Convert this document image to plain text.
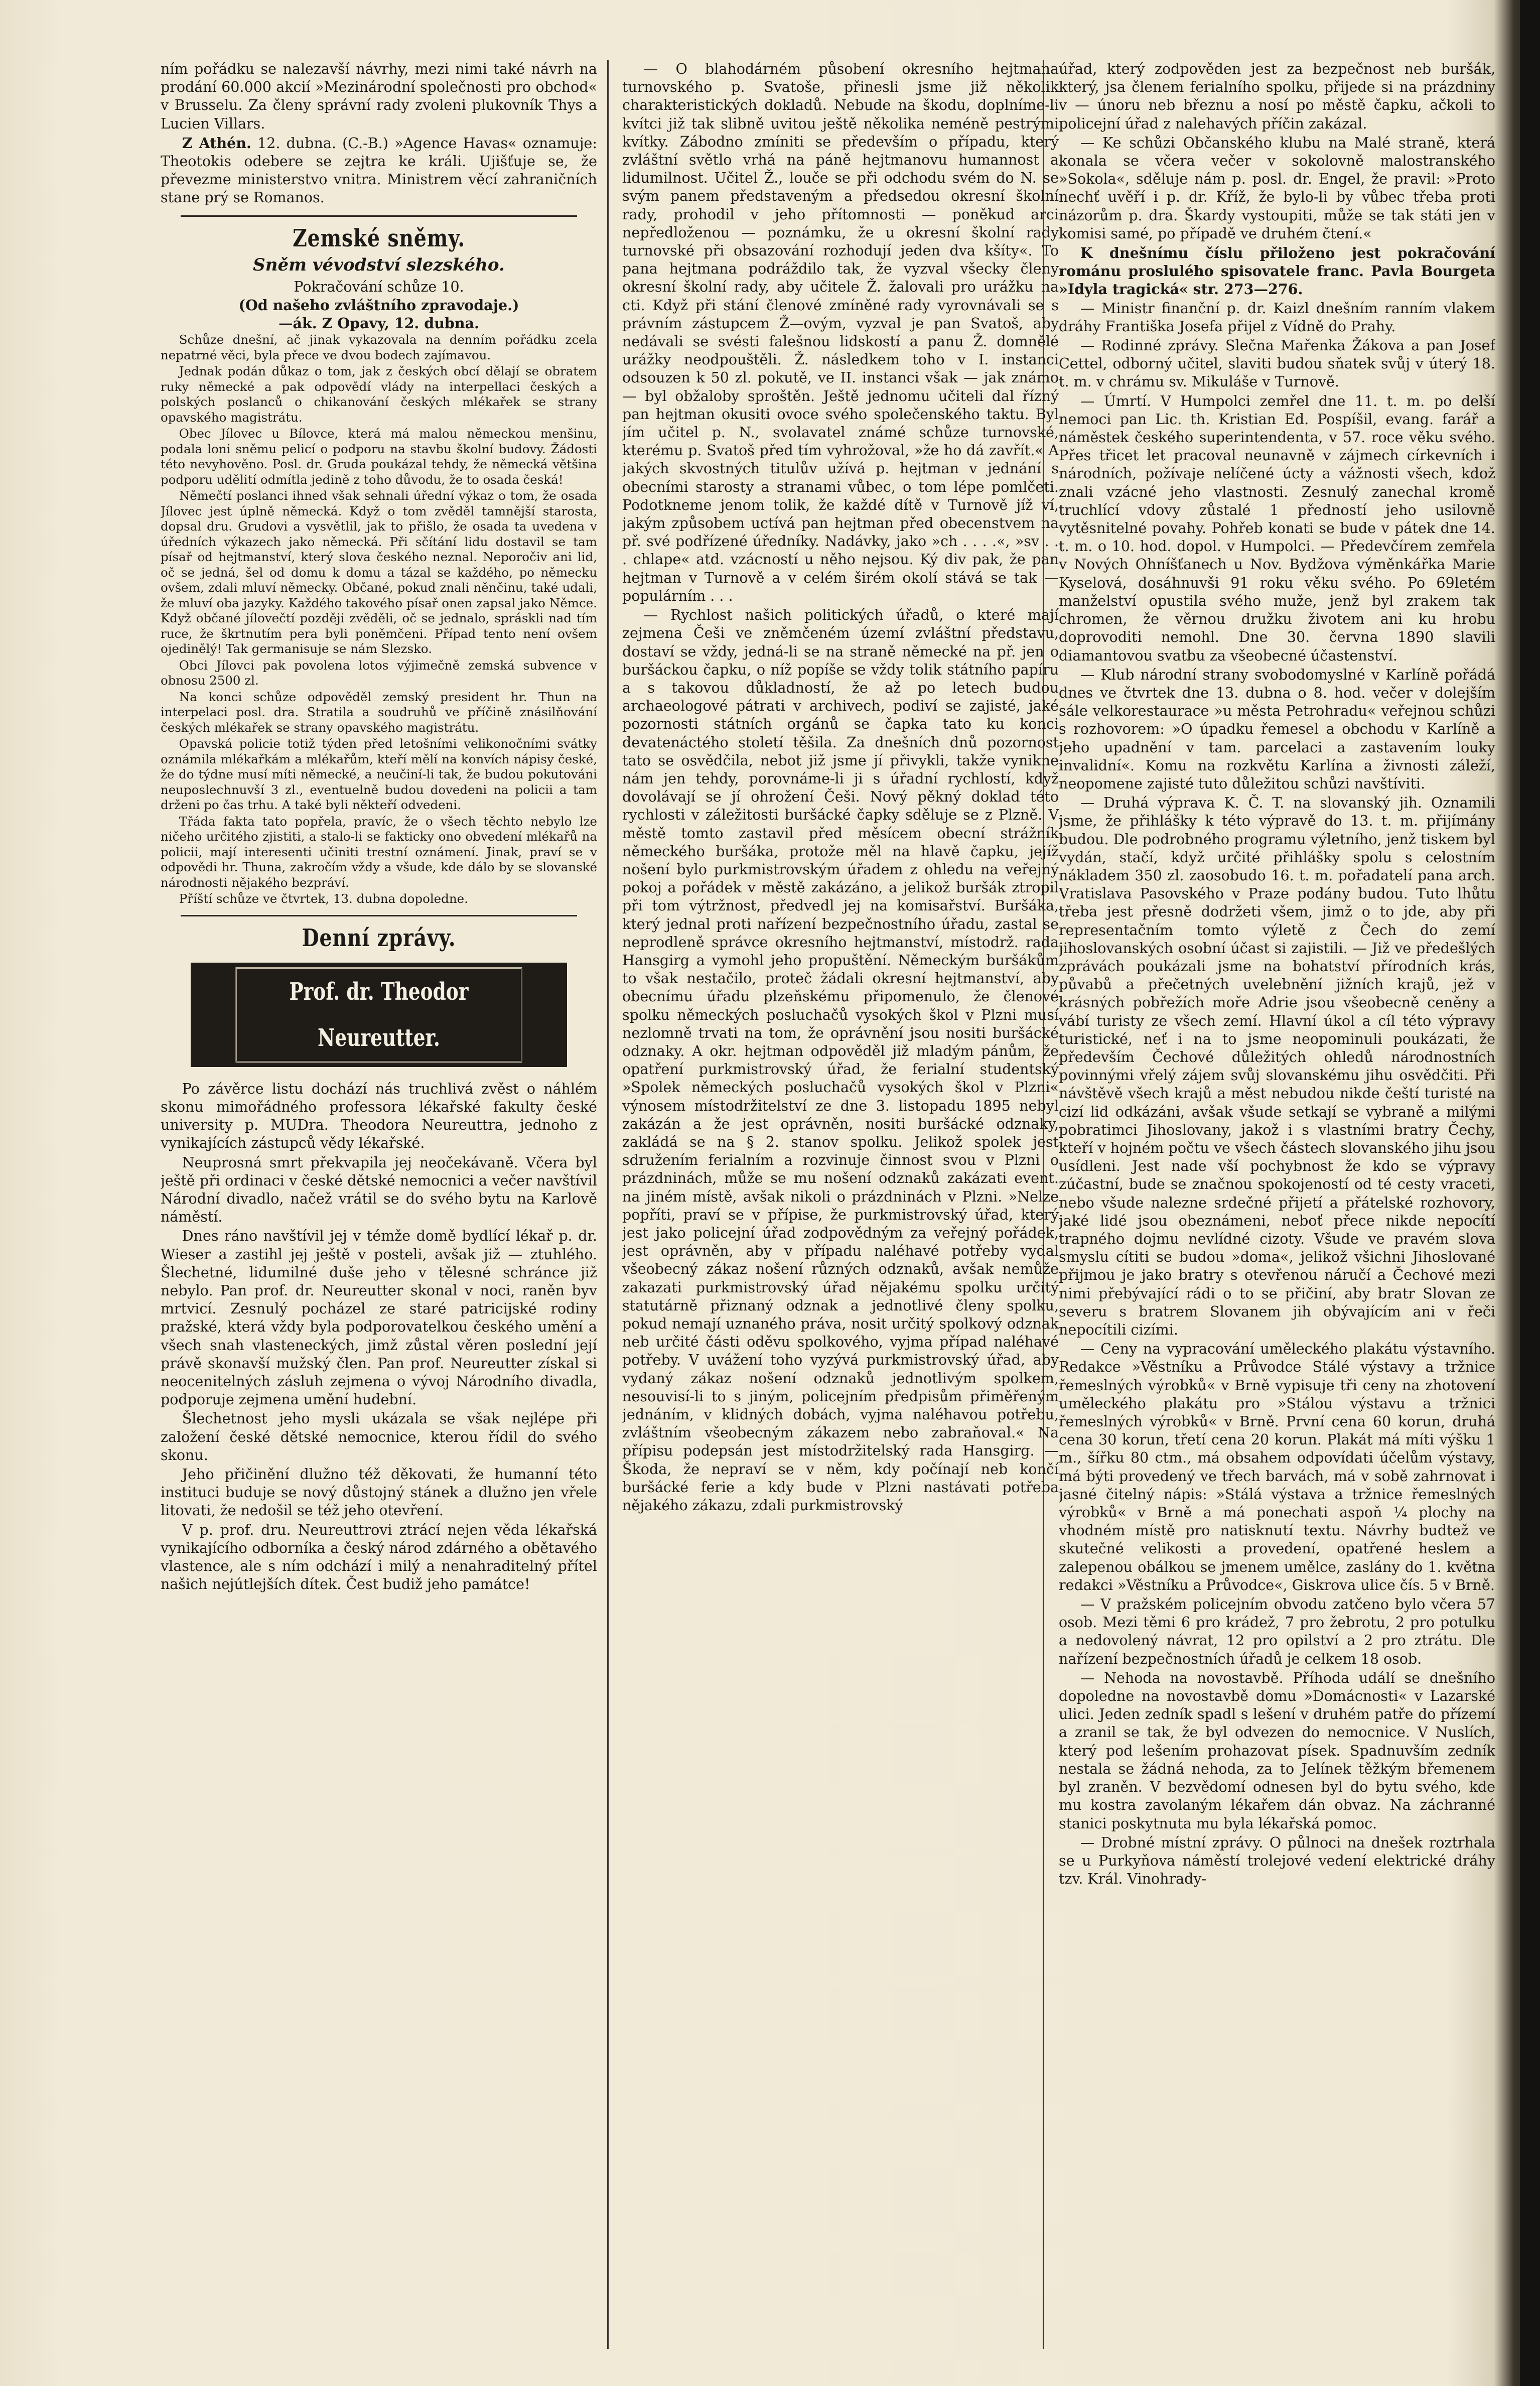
ním pořádku se nalezavší návrhy, mezi nimi také návrh na prodání 60.000 akcií »Mezinárodní společnosti pro obchod« v Brusselu. Za členy správní rady zvoleni plukovník Thys a Lucien Villars.

Z Athén. 12. dubna. (C.-B.) »Agence Havas« oznamuje: Theotokis odebere se zejtra ke králi. Ujišťuje se, že převezme ministerstvo vnitra. Ministrem věcí zahraničních stane prý se Romanos.

Zemské sněmy.
Sněm vévodství slezského.
Pokračování schůze 10.
(Od našeho zvláštního zpravodaje.)
—ák. Z Opavy, 12. dubna.

Schůze dnešní, ač jinak vykazovala na denním pořádku zcela nepatrné věci, byla přece ve dvou bodech zajímavou.

Jednak podán důkaz o tom, jak z českých obcí dělají se obratem ruky německé a pak odpovědí vlády na interpellaci českých a polských poslanců o chikanování českých mlékařek se strany opavského magistrátu.

Obec Jílovec u Bílovce, která má malou německou menšinu, podala loni sněmu pelicí o podporu na stavbu školní budovy. Žádosti této nevyhověno. Posl. dr. Gruda poukázal tehdy, že německá většina podporu udělití odmítla jedině z toho důvodu, že to osada česká!

Němečtí poslanci ihned však sehnali úřední výkaz o tom, že osada Jílovec jest úplně německá. Když o tom zvěděl tamnější starosta, dopsal dru. Grudovi a vysvětlil, jak to přišlo, že osada ta uvedena v úředních výkazech jako německá. Při sčítání lidu dostavil se tam písař od hejtmanství, který slova českého neznal. Neporočiv ani lid, oč se jedná, šel od domu k domu a tázal se každého, po německu ovšem, zdali mluví německy. Občané, pokud znali něnčinu, také udali, že mluví oba jazyky. Každého takového písař onen zapsal jako Němce. Když občané jílovečtí později zvěděli, oč se jednalo, spráskli nad tím ruce, že škrtnutím pera byli poněmčeni. Případ tento není ovšem ojedinělý! Tak germanisuje se nám Slezsko.

Obci Jílovci pak povolena lotos výjimečně zemská subvence v obnosu 2500 zl.

Na konci schůze odpověděl zemský president hr. Thun na interpelaci posl. dra. Stratila a soudruhů ve příčině znásilňování českých mlékařek se strany opavského magistrátu.

Opavská policie totiž týden před letošními velikonočními svátky oznámila mlékařkám a mlékařům, kteří mělí na konvích nápisy české, že do týdne musí míti německé, a neučiní-li tak, že budou pokutováni neuposlechnuvší 3 zl., eventuelně budou dovedeni na policii a tam drženi po čas trhu. A také byli někteří odvedeni.

Třáda fakta tato popřela, pravíc, že o všech těchto nebylo lze ničeho určitého zjistiti, a stalo-li se fakticky ono obvedení mlékařů na policii, mají interesenti učiniti trestní oznámení. Jinak, praví se v odpovědi hr. Thuna, zakročím vždy a všude, kde dálo by se slovanské národnosti nějakého bezpráví.

Příští schůze ve čtvrtek, 13. dubna dopoledne.

Denní zprávy.
Prof. dr. Theodor Neureutter.

Po závěrce listu dochází nás truchlivá zvěst o náhlém skonu mimořádného professora lékařské fakulty české university p. MUDra. Theodora Neureuttra, jednoho z vynikajících zástupců vědy lékařské.

Neuprosná smrt překvapila jej neočekávaně. Včera byl ještě při ordinaci v české dětské nemocnici a večer navštívil Národní divadlo, načež vrátil se do svého bytu na Karlově náměstí.

Dnes ráno navštívil jej v témže domě bydlící lékař p. dr. Wieser a zastihl jej ještě v posteli, avšak již — ztuhlého. Šlechetné, lidumilné duše jeho v tělesné schránce již nebylo. Pan prof. dr. Neureutter skonal v noci, raněn byv mrtvicí. Zesnulý pocházel ze staré patricijské rodiny pražské, která vždy byla podporovatelkou českého umění a všech snah vlasteneckých, jimž zůstal věren poslední její právě skonavší mužský člen. Pan prof. Neureutter získal si neocenitelných zásluh zejmena o vývoj Národního divadla, podporuje zejmena umění hudební.

Šlechetnost jeho mysli ukázala se však nejlépe při založení české dětské nemocnice, kterou řídil do svého skonu.

Jeho přičinění dlužno též děkovati, že humanní této instituci buduje se nový důstojný stánek a dlužno jen vřele litovati, že nedošil se též jeho otevření.

V p. prof. dru. Neureuttrovi ztrácí nejen věda lékařská vynikajícího odborníka a český národ zdárného a obětavého vlastence, ale s ním odchází i milý a nenahraditelný přítel našich nejútlejších dítek. Čest budiž jeho památce!

— O blahodárném působení okresního hejtmana turnovského p. Svatoše, přinesli jsme již několik charakteristických dokladů. Nebude na škodu, doplníme-li kvítci již tak slibně uvitou ještě několika neméně pestrými kvítky. Zábodno zmíniti se především o případu, který zvláštní světlo vrhá na páně hejtmanovu humannost a lidumilnost. Učitel Ž., louče se při odchodu svém do N. se svým panem představeným a předsedou okresní školní rady, prohodil v jeho přítomnosti — poněkud arci nepředloženou — poznámku, že u okresní školní rady turnovské při obsazování rozhodují jeden dva kšíty«. To pana hejtmana podráždilo tak, že vyzval všecky členy okresní školní rady, aby učitele Ž. žalovali pro urážku na cti. Když při stání členové zmíněné rady vyrovnávali se s právním zástupcem Ž—ovým, vyzval je pan Svatoš, aby nedávali se svésti falešnou lidskostí a panu Ž. domnělé urážky neodpouštěli. Ž. následkem toho v I. instanci odsouzen k 50 zl. pokutě, ve II. instanci však — jak známo — byl obžaloby sproštěn. Ještě jednomu učiteli dal řízný pan hejtman okusiti ovoce svého společenského taktu. Byl jím učitel p. N., svolavatel známé schůze turnovské, kterému p. Svatoš před tím vyhrožoval, »že ho dá zavřít.« A jakých skvostných titulův užívá p. hejtman v jednání s obecními starosty a stranami vůbec, o tom lépe pomlčeti. Podotkneme jenom tolik, že každé dítě v Turnově jíž ví, jakým způsobem uctívá pan hejtman před obecenstvem na př. své podřízené úředníky. Nadávky, jako »ch . . . .«, »sv . . . chlape« atd. vzácností u něho nejsou. Ký div pak, že pan hejtman v Turnově a v celém širém okolí stává se tak — populárním . . .

— Rychlost našich politických úřadů, o které mají zejmena Češi ve zněmčeném území zvláštní představu, dostaví se vždy, jedná-li se na straně německé na př. jen o buršáckou čapku, o níž popíše se vždy tolik státního papíru a s takovou důkladností, že až po letech budou archaeologové pátrati v archivech, podiví se zajisté, jaké pozornosti státních orgánů se čapka tato ku konci devatenáctého století těšila. Za dnešních dnů pozornost tato se osvědčila, nebot již jsme jí přivykli, takže vynikne nám jen tehdy, porovnáme-li ji s úřadní rychlostí, když dovolávají se jí ohrožení Češi. Nový pěkný doklad této rychlosti v záležitosti buršácké čapky sděluje se z Plzně. V městě tomto zastavil před měsícem obecní strážník německého buršáka, protože měl na hlavě čapku, jejíž nošení bylo purkmistrovským úřadem z ohledu na veřejný pokoj a pořádek v městě zakázáno, a jelikož buršák ztropil při tom výtržnost, předvedl jej na komisařství. Buršáka, který jednal proti nařízení bezpečnostního úřadu, zastal se neprodleně správce okresního hejtmanství, místodrž. rada Hansgirg a vymohl jeho propuštění. Německým buršákům to však nestačilo, proteč žádali okresní hejtmanství, aby obecnímu úřadu plzeňskému připomenulo, že členové spolku německých posluchačů vysokých škol v Plzni musí nezlomně trvati na tom, že oprávnění jsou nositi buršácké odznaky. A okr. hejtman odpověděl již mladým pánům, že opatření purkmistrovský úřad, že ferialní studentský »Spolek německých posluchačů vysokých škol v Plzni« výnosem místodržitelství ze dne 3. listopadu 1895 nebyl zakázán a že jest oprávněn, nositi buršácké odznaky, zakládá se na § 2. stanov spolku. Jelikož spolek jest sdružením ferialním a rozvinuje činnost svou v Plzni o prázdninách, může se mu nošení odznaků zakázati event. na jiném místě, avšak nikoli o prázdninách v Plzni. »Nelze popříti, praví se v přípise, že purkmistrovský úřad, který jest jako policejní úřad zodpovědným za veřejný pořádek, jest oprávněn, aby v případu naléhavé potřeby vydal všeobecný zákaz nošení různých odznaků, avšak nemůže zakazati purkmistrovský úřad nějakému spolku určitý statutárně přiznaný odznak a jednotlivé členy spolku, pokud nemají uznaného práva, nosit určitý spolkový odznak neb určité části oděvu spolkového, vyjma případ naléhavé potřeby. V uvážení toho vyzývá purkmistrovský úřad, aby vydaný zákaz nošení odznaků jednotlivým spolkem, nesouvisí-li to s jiným, policejním předpisům přiměřeným jednáním, v klidných dobách, vyjma naléhavou potřebu, zvláštním všeobecným zákazem nebo zabraňoval.« Na přípisu podepsán jest místodržitelský rada Hansgirg. — Škoda, že nepraví se v něm, kdy počínají neb končí buršácké ferie a kdy bude v Plzni nastávati potřeba nějakého zákazu, zdali purkmistrovský

úřad, který zodpověden jest za bezpečnost neb buršák, který, jsa členem ferialního spolku, přijede si na prázdniny v — únoru neb březnu a nosí po městě čapku, ačkoli to policejní úřad z nalehavých příčin zakázal.

— Ke schůzi Občanského klubu na Malé straně, která konala se včera večer v sokolovně malostranského »Sokola«, sděluje nám p. posl. dr. Engel, že pravil: »Proto nechť uvěří i p. dr. Kříž, že bylo-li by vůbec třeba proti názorům p. dra. Škardy vystoupiti, může se tak státi jen v komisi samé, po případě ve druhém čtení.«

K dnešnímu číslu přiloženo jest pokračování románu proslulého spisovatele franc. Pavla Bourgeta »Idyla tragická« str. 273—276.

— Ministr finanční p. dr. Kaizl dnešním ranním vlakem dráhy Františka Josefa přijel z Vídně do Prahy.

— Rodinné zprávy. Slečna Mařenka Žákova a pan Josef Cettel, odborný učitel, slaviti budou sňatek svůj v úterý 18. t. m. v chrámu sv. Mikuláše v Turnově.

— Úmrtí. V Humpolci zemřel dne 11. t. m. po delší nemoci pan Lic. th. Kristian Ed. Pospíšil, evang. farář a náměstek českého superintendenta, v 57. roce věku svého. Přes třicet let pracoval neunavně v zájmech církevních i národních, požívaje nelíčené úcty a vážnosti všech, kdož znali vzácné jeho vlastnosti. Zesnulý zanechal kromě truchlící vdovy zůstalé 1 předností jeho usilovně vytěsnitelné povahy. Pohřeb konati se bude v pátek dne 14. t. m. o 10. hod. dopol. v Humpolci. — Předevčírem zemřela v Nových Ohníšťanech u Nov. Bydžova výměnkářka Marie Kyselová, dosáhnuvši 91 roku věku svého. Po 69letém manželství opustila svého muže, jenž byl zrakem tak chromen, že věrnou družku životem ani ku hrobu doprovoditi nemohl. Dne 30. června 1890 slavili diamantovou svatbu za všeobecné účastenství.

— Klub národní strany svobodomyslné v Karlíně pořádá dnes ve čtvrtek dne 13. dubna o 8. hod. večer v dolejším sále velkorestaurace »u města Petrohradu« veřejnou schůzi s rozhovorem: »O úpadku řemesel a obchodu v Karlíně a jeho upadnění v tam. parcelaci a zastavením louky invalidní«. Komu na rozkvětu Karlína a živnosti záleží, neopomene zajisté tuto důležitou schůzi navštíviti.

— Druhá výprava K. Č. T. na slovanský jih. Oznamili jsme, že přihlášky k této výpravě do 13. t. m. přijímány budou. Dle podrobného programu výletního, jenž tiskem byl vydán, stačí, když určité přihlášky spolu s celostním nákladem 350 zl. zaosobudo 16. t. m. pořadatelí pana arch. Vratislava Pasovského v Praze podány budou. Tuto lhůtu třeba jest přesně dodržeti všem, jimž o to jde, aby při representačním tomto výletě z Čech do zemí jihoslovanských osobní účast si zajistili. — Již ve předešlých zprávách poukázali jsme na bohatství přírodních krás, půvabů a přečetných uvelebnění jižních krajů, jež v krásných pobřežích moře Adrie jsou všeobecně ceněny a vábí turisty ze všech zemí. Hlavní úkol a cíl této výpravy turistické, neť i na to jsme neopominuli poukázati, že především Čechové důležitých ohledů národnostních povinnými vřelý zájem svůj slovanskému jihu osvědčiti. Při návštěvě všech krajů a měst nebudou nikde čeští turisté na cizí lid odkázáni, avšak všude setkají se vybraně a milými pobratimci Jihoslovany, jakož i s vlastními bratry Čechy, kteří v hojném počtu ve všech částech slovanského jihu jsou usídleni. Jest nade vší pochybnost že kdo se výpravy zúčastní, bude se značnou spokojeností od té cesty vraceti, nebo všude nalezne srdečné přijetí a přátelské rozhovory, jaké lidé jsou obeznámeni, neboť přece nikde nepocítí trapného dojmu nevlídné cizoty. Všude ve pravém slova smyslu cítiti se budou »doma«, jelikož všichni Jihoslované přijmou je jako bratry s otevřenou náručí a Čechové mezi nimi přebývající rádi o to se přičiní, aby bratr Slovan ze severu s bratrem Slovanem jih obývajícím ani v řeči nepocítili cizími.

— Ceny na vypracování uměleckého plakátu výstavního. Redakce »Věstníku a Průvodce Stálé výstavy a tržnice řemeslných výrobků« v Brně vypisuje tři ceny na zhotovení uměleckého plakátu pro »Stálou výstavu a tržnici řemeslných výrobků« v Brně. První cena 60 korun, druhá cena 30 korun, třetí cena 20 korun. Plakát má míti výšku 1 m., šířku 80 ctm., má obsahem odpovídati účelům výstavy, má býti provedený ve třech barvách, má v sobě zahrnovat i jasné čitelný nápis: »Stálá výstava a tržnice řemeslných výrobků« v Brně a má ponechati aspoň ¼ plochy na vhodném místě pro natisknutí textu. Návrhy budtež ve skutečné velikosti a provedení, opatřené heslem a zalepenou obálkou se jmenem umělce, zaslány do 1. května redakci »Věstníku a Průvodce«, Giskrova ulice čís. 5 v Brně.

— V pražském policejním obvodu zatčeno bylo včera 57 osob. Mezi těmi 6 pro krádež, 7 pro žebrotu, 2 pro potulku a nedovolený návrat, 12 pro opilství a 2 pro ztrátu. Dle nařízení bezpečnostních úřadů je celkem 18 osob.

— Nehoda na novostavbě. Příhoda událí se dnešního dopoledne na novostavbě domu »Domácnosti« v Lazarské ulici. Jeden zedník spadl s lešení v druhém patře do přízemí a zranil se tak, že byl odvezen do nemocnice. V Nuslích, který pod lešením prohazovat písek. Spadnuvším zedník nestala se žádná nehoda, za to Jelínek těžkým břemenem byl zraněn. V bezvědomí odnesen byl do bytu svého, kde mu kostra zavolaným lékařem dán obvaz. Na záchranné stanici poskytnuta mu byla lékařská pomoc.

— Drobné místní zprávy. O půlnoci na dnešek roztrhala se u Purkyňova náměstí trolejové vedení elektrické dráhy tzv. Král. Vinohrady-
